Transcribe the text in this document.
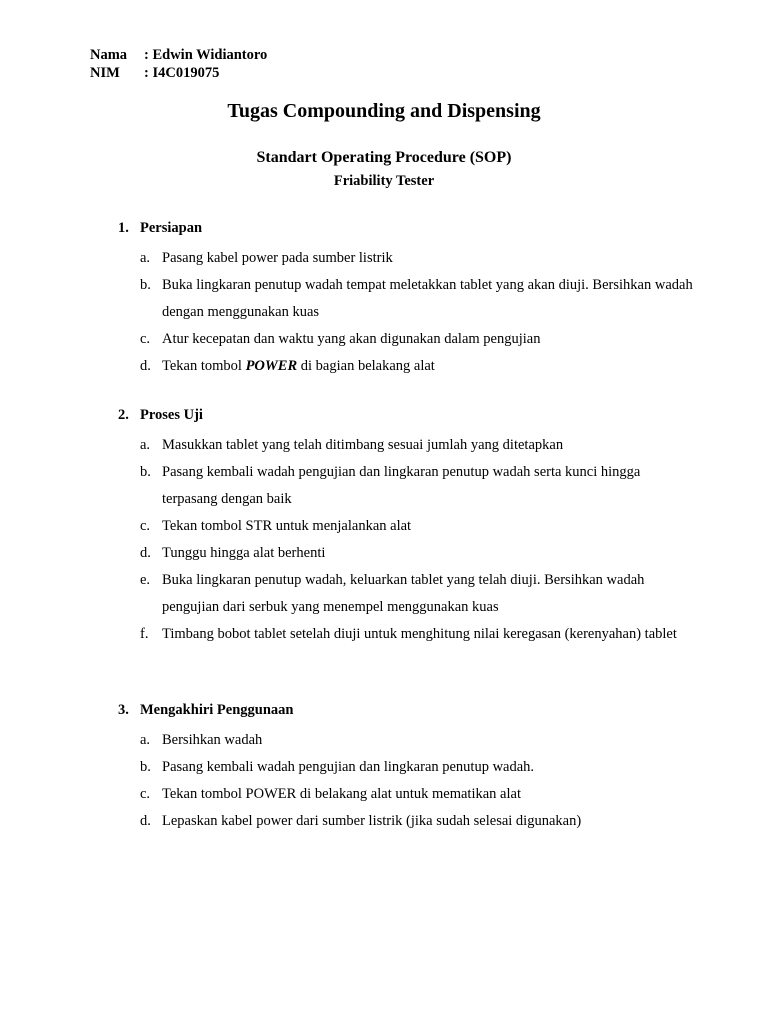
Nama	: Edwin Widiantoro
NIM	: I4C019075
Tugas Compounding and Dispensing
Standart Operating Procedure (SOP)
Friability Tester
1. Persiapan
a. Pasang kabel power pada sumber listrik
b. Buka lingkaran penutup wadah tempat meletakkan tablet yang akan diuji. Bersihkan wadah dengan menggunakan kuas
c. Atur kecepatan dan waktu yang akan digunakan dalam pengujian
d. Tekan tombol POWER di bagian belakang alat
2. Proses Uji
a. Masukkan tablet yang telah ditimbang sesuai jumlah yang ditetapkan
b. Pasang kembali wadah pengujian dan lingkaran penutup wadah serta kunci hingga terpasang dengan baik
c. Tekan tombol STR untuk menjalankan alat
d. Tunggu hingga alat berhenti
e. Buka lingkaran penutup wadah, keluarkan tablet yang telah diuji. Bersihkan wadah pengujian dari serbuk yang menempel menggunakan kuas
f. Timbang bobot tablet setelah diuji untuk menghitung nilai keregasan (kerenyahan) tablet
3. Mengakhiri Penggunaan
a. Bersihkan wadah
b. Pasang kembali wadah pengujian dan lingkaran penutup wadah.
c. Tekan tombol POWER di belakang alat untuk mematikan alat
d. Lepaskan kabel power dari sumber listrik (jika sudah selesai digunakan)
